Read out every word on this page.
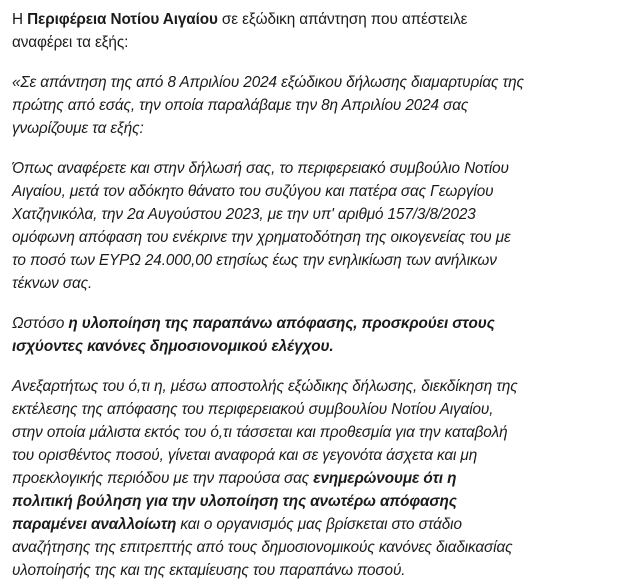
Η Περιφέρεια Νοτίου Αιγαίου σε εξώδικη απάντηση που απέστειλε
αναφέρει τα εξής:

«Σε απάντηση της από 8 Απριλίου 2024 εξώδικου δήλωσης διαμαρτυρίας της
πρώτης από εσάς, την οποία παραλάβαμε την 8η Απριλίου 2024 σας
γνωρίζουμε τα εξής:

Όπως αναφέρετε και στην δήλωσή σας, το περιφερειακό συμβούλιο Νοτίου
Αιγαίου, μετά τον αδόκητο θάνατο του συζύγου και πατέρα σας Γεωργίου
Χατζηνικόλα, την 2α Αυγούστου 2023, με την υπ' αριθμό 157/3/8/2023
ομόφωνη απόφαση του ενέκρινε την χρηματοδότηση της οικογενείας του με
το ποσό των ΕΥΡΩ 24.000,00 ετησίως έως την ενηλικίωση των ανήλικων
τέκνων σας.

Ωστόσο η υλοποίηση της παραπάνω απόφασης, προσκρούει στους
ισχύοντες κανόνες δημοσιονομικού ελέγχου.

Ανεξαρτήτως του ό,τι η, μέσω αποστολής εξώδικης δήλωσης, διεκδίκηση της
εκτέλεσης της απόφασης του περιφερειακού συμβουλίου Νοτίου Αιγαίου,
στην οποία μάλιστα εκτός του ό,τι τάσσεται και προθεσμία για την καταβολή
του ορισθέντος ποσού, γίνεται αναφορά και σε γεγονότα άσχετα και μη
προεκλογικής περιόδου με την παρούσα σας ενημερώνουμε ότι η
πολιτική βούληση για την υλοποίηση της ανωτέρω απόφασης
παραμένει αναλλοίωτη και ο οργανισμός μας βρίσκεται στο στάδιο
αναζήτησης της επιτρεπτής από τους δημοσιονομικούς κανόνες διαδικασίας
υλοποίησής της και της εκταμίευσης του παραπάνω ποσού.
